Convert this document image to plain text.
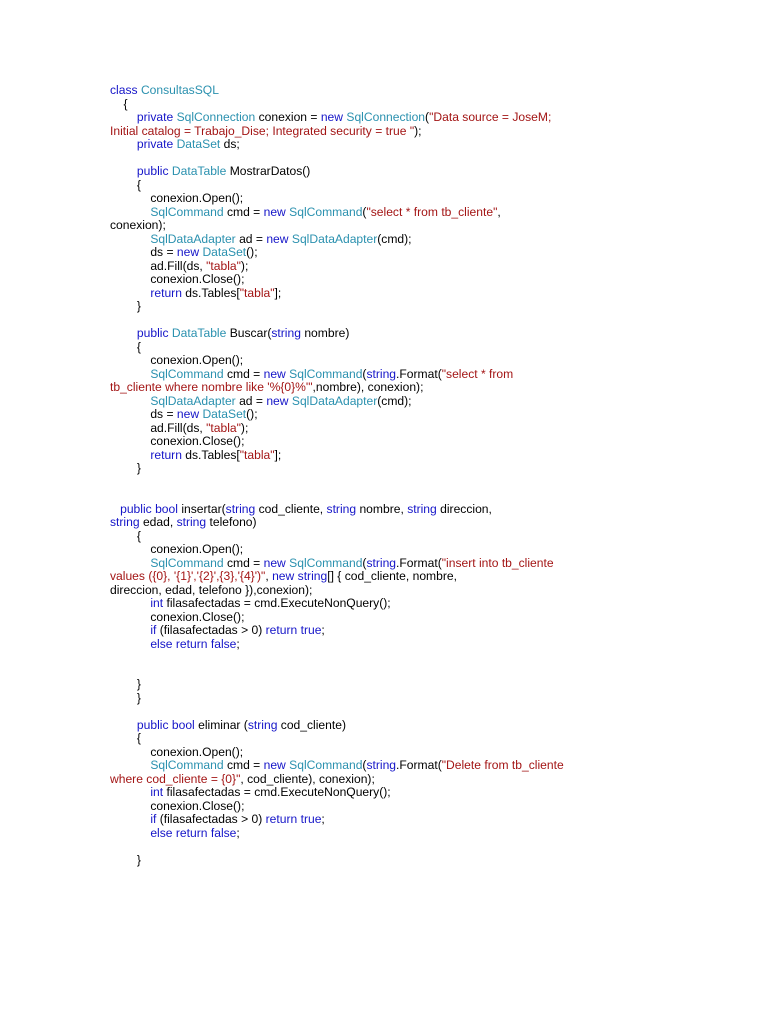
class ConsultasSQL
{
private SqlConnection conexion = new SqlConnection("Data source = JoseM;
Initial catalog = Trabajo_Dise; Integrated security = true ");
private DataSet ds;
public DataTable MostrarDatos()
{
conexion.Open();
SqlCommand cmd = new SqlCommand("select * from tb_cliente",
conexion);
SqlDataAdapter ad = new SqlDataAdapter(cmd);
ds = new DataSet();
ad.Fill(ds, "tabla");
conexion.Close();
return ds.Tables["tabla"];
}
public DataTable Buscar(string nombre)
{
conexion.Open();
SqlCommand cmd = new SqlCommand(string.Format("select * from
tb_cliente where nombre like '%{0}%'",nombre), conexion);
SqlDataAdapter ad = new SqlDataAdapter(cmd);
ds = new DataSet();
ad.Fill(ds, "tabla");
conexion.Close();
return ds.Tables["tabla"];
}
public bool insertar(string cod_cliente, string nombre, string direccion,
string edad, string telefono)
{
conexion.Open();
SqlCommand cmd = new SqlCommand(string.Format("insert into tb_cliente
values ({0}, '{1}','{2}',{3},'{4}')", new string[] { cod_cliente, nombre,
direccion, edad, telefono }),conexion);
int filasafectadas = cmd.ExecuteNonQuery();
conexion.Close();
if (filasafectadas > 0) return true;
else return false;
}
}
public bool eliminar (string cod_cliente)
{
conexion.Open();
SqlCommand cmd = new SqlCommand(string.Format("Delete from tb_cliente
where cod_cliente = {0}", cod_cliente), conexion);
int filasafectadas = cmd.ExecuteNonQuery();
conexion.Close();
if (filasafectadas > 0) return true;
else return false;
}
